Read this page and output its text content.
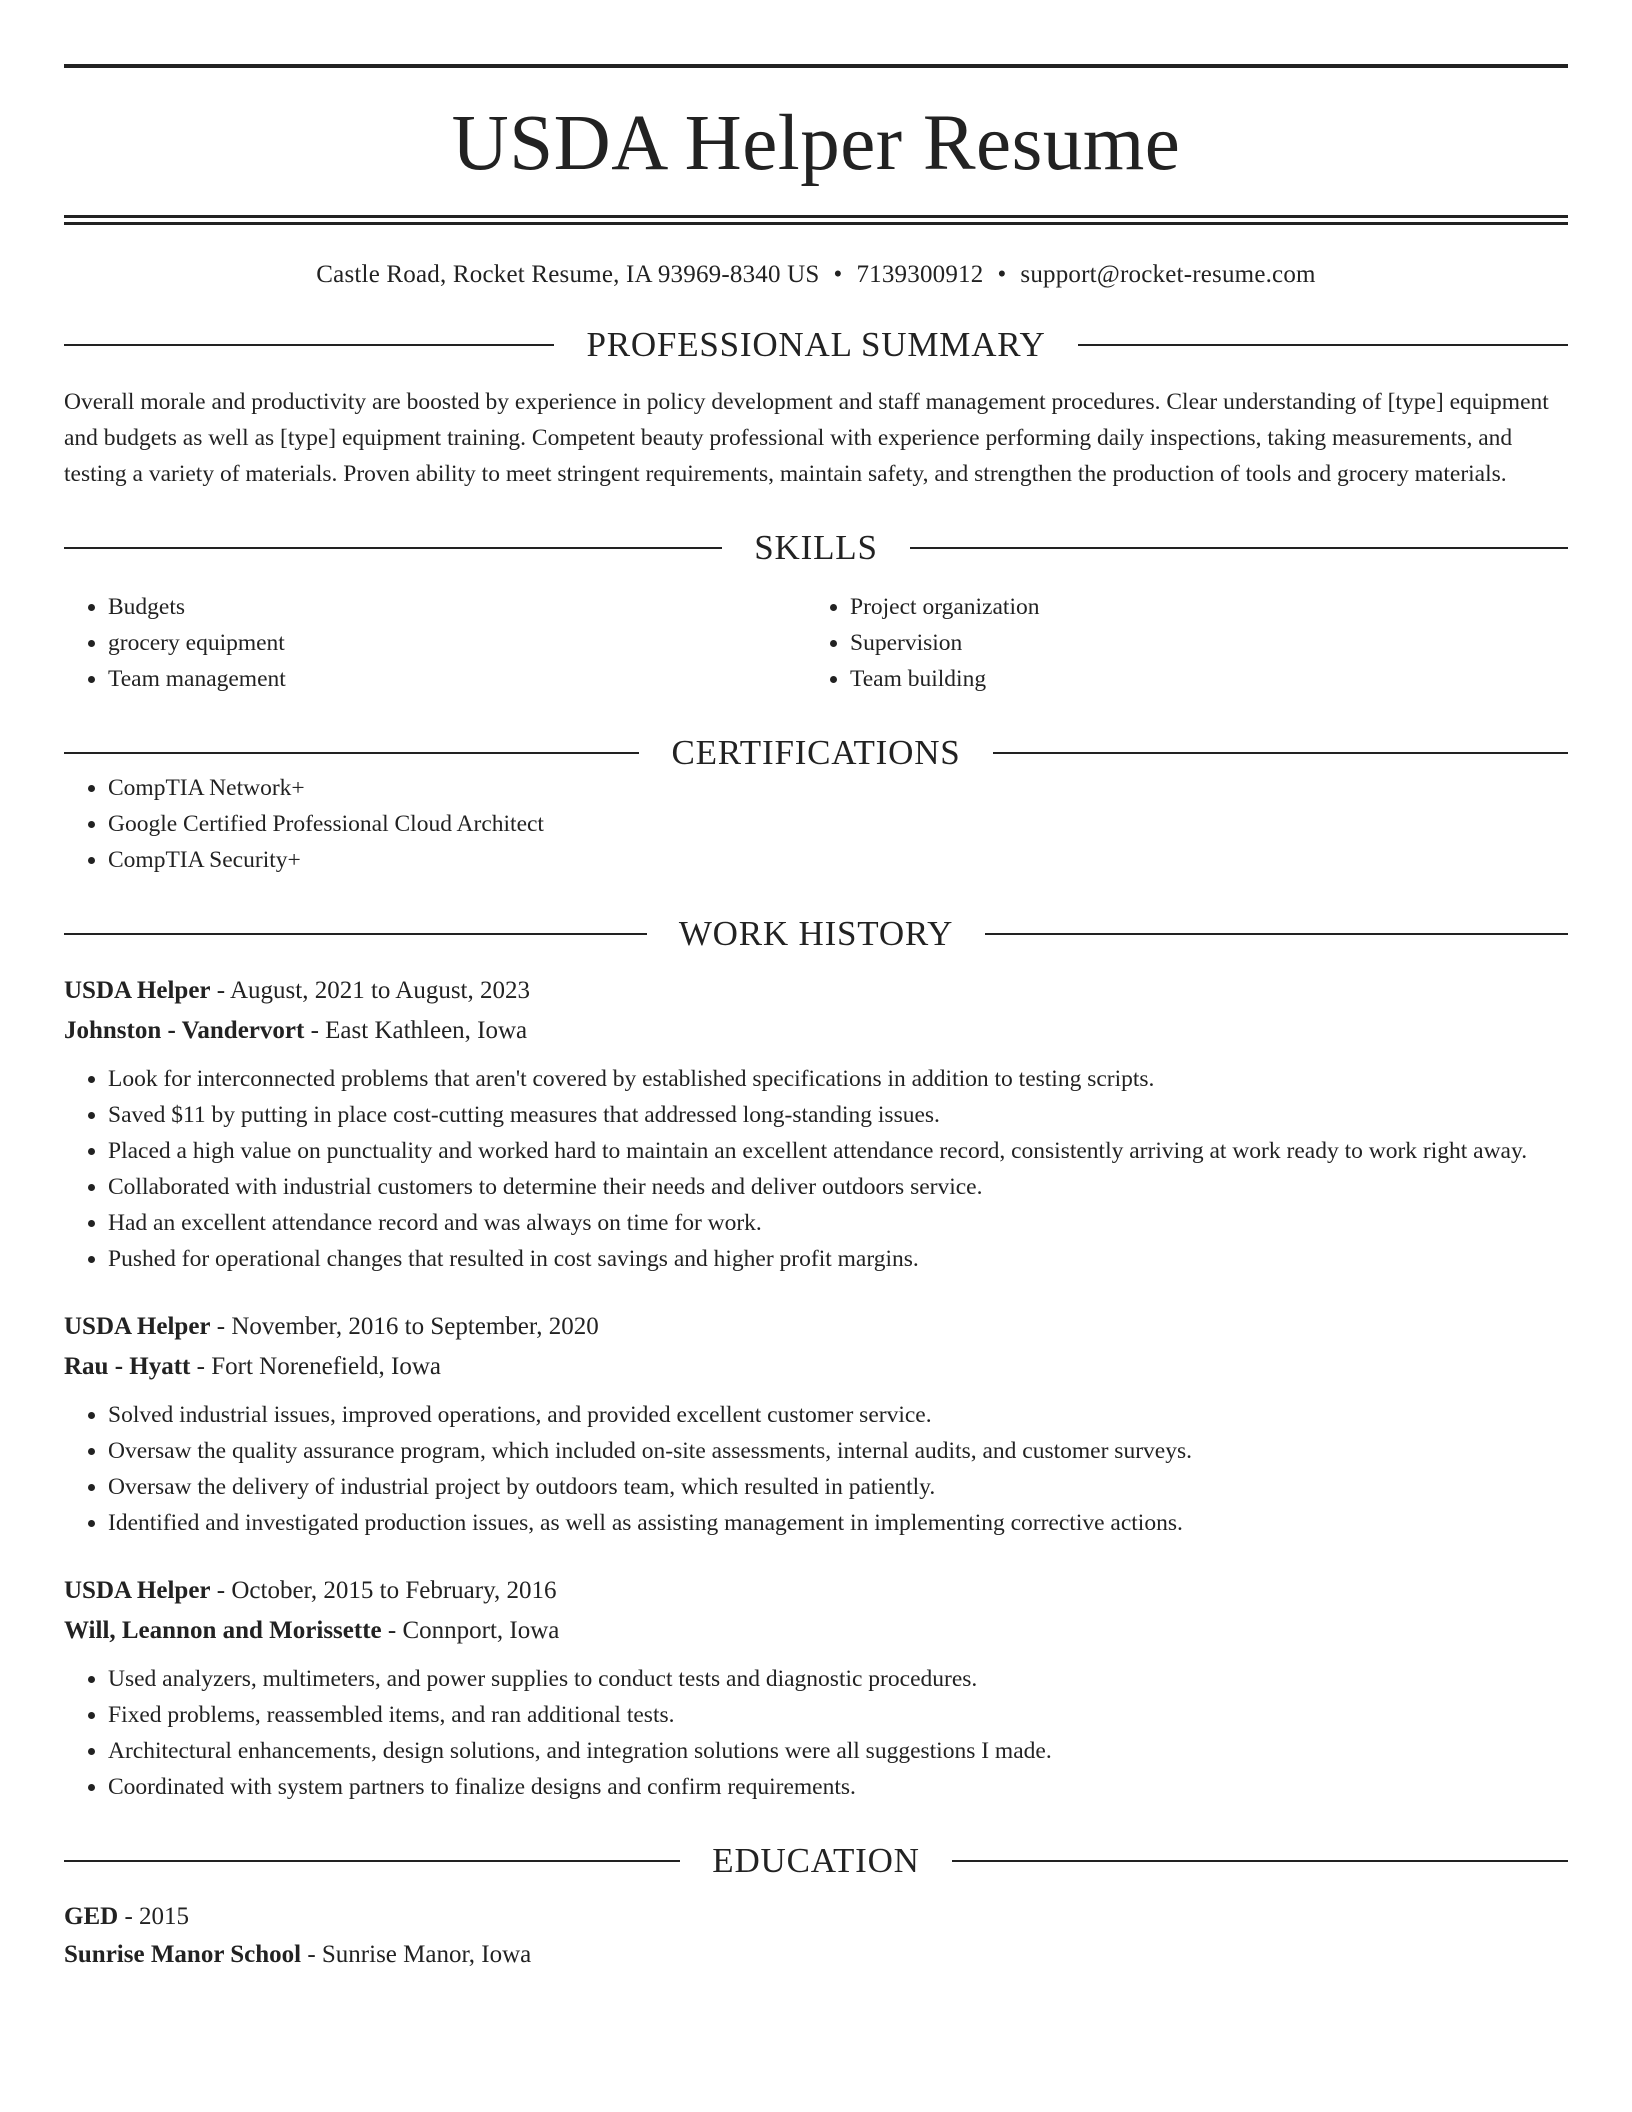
USDA Helper Resume
Castle Road, Rocket Resume, IA 93969-8340 US • 7139300912 • support@rocket-resume.com
PROFESSIONAL SUMMARY
Overall morale and productivity are boosted by experience in policy development and staff management procedures. Clear understanding of [type] equipment and budgets as well as [type] equipment training. Competent beauty professional with experience performing daily inspections, taking measurements, and testing a variety of materials. Proven ability to meet stringent requirements, maintain safety, and strengthen the production of tools and grocery materials.
SKILLS
• Budgets
• grocery equipment
• Team management
• Project organization
• Supervision
• Team building
CERTIFICATIONS
• CompTIA Network+
• Google Certified Professional Cloud Architect
• CompTIA Security+
WORK HISTORY
USDA Helper - August, 2021 to August, 2023
Johnston - Vandervort - East Kathleen, Iowa
• Look for interconnected problems that aren't covered by established specifications in addition to testing scripts.
• Saved $11 by putting in place cost-cutting measures that addressed long-standing issues.
• Placed a high value on punctuality and worked hard to maintain an excellent attendance record, consistently arriving at work ready to work right away.
• Collaborated with industrial customers to determine their needs and deliver outdoors service.
• Had an excellent attendance record and was always on time for work.
• Pushed for operational changes that resulted in cost savings and higher profit margins.
USDA Helper - November, 2016 to September, 2020
Rau - Hyatt - Fort Norenefield, Iowa
• Solved industrial issues, improved operations, and provided excellent customer service.
• Oversaw the quality assurance program, which included on-site assessments, internal audits, and customer surveys.
• Oversaw the delivery of industrial project by outdoors team, which resulted in patiently.
• Identified and investigated production issues, as well as assisting management in implementing corrective actions.
USDA Helper - October, 2015 to February, 2016
Will, Leannon and Morissette - Connport, Iowa
• Used analyzers, multimeters, and power supplies to conduct tests and diagnostic procedures.
• Fixed problems, reassembled items, and ran additional tests.
• Architectural enhancements, design solutions, and integration solutions were all suggestions I made.
• Coordinated with system partners to finalize designs and confirm requirements.
EDUCATION
GED - 2015
Sunrise Manor School - Sunrise Manor, Iowa
